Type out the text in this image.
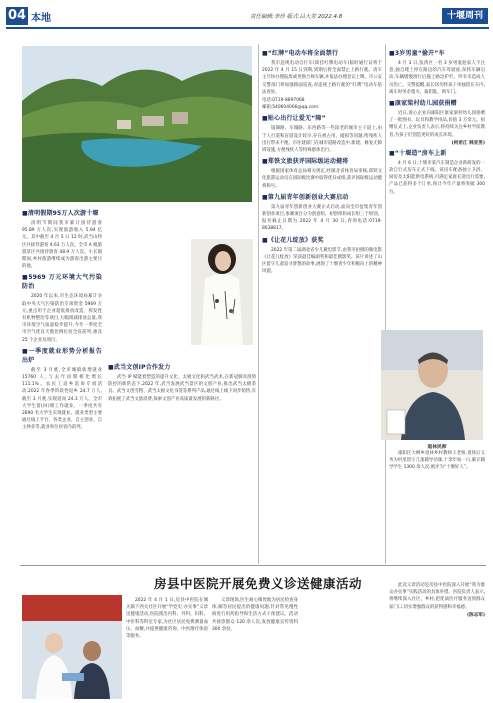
04 本地	责任编辑:李玲 版式:吕大芳 2022.4.8	十堰周刊
■清明假期95万人次游十堰

清明节期间我市累计接待游客 95.89 万人次,实现旅游收入 5.94 亿元。其中截至 4 月 5 日 12 时,武当山特区共接待游客 4.63 万人次。全市 A 级旅游景区共接待游客 48.9 万人次。小长假期间,乡村旅游继续成为游客出游主要目的地。

■5969 万元环境大气污染防治

2020 年以来,市生态环境局累计争取中央大气污染防治专项资金 5969 万元,重点用于企业超低排放改造、挥发性有机物整治等项目,大幅削减排放总量,我市环境空气质量稳步提升,今年一季度全市空气优良天数比例位居全省前列,惠及 25 个企业及项目。

■一季度就业形势分析报告出炉

截至 3 月底,全市城镇新增就业 15760 人,与去年同期相比增长 111.1%。农民工返乡返岗专项活动,2022 年春季阶段性返乡 24.7 万人,截至 3 月底,实现返岗 24.3 万人。全市大学生留(回)堰工作就业、一季度共有 2890 名大学生实现就业。就业类型主要通过线上平台、各类企业、自主创业、自主择业等,就业率位居省内前列。

■武当文创IP合作发力

武当 IP 赋能着塑造的提升文化、太极文化和武当武术,在新冠肺炎疫情防控的新常态下,2022 年,武当发展武当景区的文创产业,推出武当太极茶具、武当文创雪糕、武当太极文化书签等系列产品,通过线上线下同步销售,有效拓展了武当文旅消费,探索文创产业高质量发展的新路径。

■“红牌”电动车将全面禁行

我市违规电动自行车(即挂红牌电动车)临时通行证将于 2022 年 4 月 15 日到期,到期后将全面禁止上路行驶。请车主尽快办理报废或更换合规车辆,并依法办理登记上牌。市公安交警部门将加强路面巡查,对违规上路行驶的“红牌”电动车依法查处。

电话:0719-8897068
邮箱:540604066@qq.com
■贴心出行让爱无“障”

镜湖路、车城路、东西路等一些较老的城市主干道上,由于人行道和盲道设计较早,存在被占用、破损等问题,给残疾人出行带来不便。市住建部门在城市道路改造中,新建、修复无障碍设施,方便残疾人等特殊群体出行。

■郑铁文旅获评国际级运动健将

根据国家体育总局相关规定,经湖北省体育局审核,郑铁文化旅游运动员在国际级比赛中取得优异成绩,获评国际级运动健将称号。

■第九届青年创新创业大赛启动

第九届青年创新创业大赛正式启动,面向全市征集青年创新创业项目,参赛项目分为创意组、初创组和成长组三个组别。报名截止日期为 2022 年 4 月 30 日,咨询电话:0719-8638817。

■《让花儿绽放》获奖

2022 年第二届湖北省少儿微电影节,由我市拍摄的微电影《让花儿绽放》荣获最佳编剧奖和最佳摄影奖。该片讲述了山区留守儿童追寻梦想的故事,展现了十堰青少年积极向上的精神风貌。

■3岁男童“偷开”车

4 月 3 日,张湾区一名 3 岁男童趁家人不注意,独自爬上停在路边的汽车驾驶座,误将车辆启动,车辆缓慢滑行后撞上路边护栏。所幸未造成人员伤亡。交警提醒,家长切勿将孩子单独留在车内,离车时务必熄火、拔钥匙、锁车门。

■康家梁村幼儿园获捐赠

近日,爱心企业向郧阳区康家梁村幼儿园捐赠了一批图书、玩具和教学用品,价值 3 万余元。捐赠仪式上,企业负责人表示,将持续关注乡村学前教育,为孩子们创造更好的成长环境。

(柯希江 韩亚男)
■“十堰造”房车上新

4 月 6 日,十堰市某汽车制造企业新研发的一款自行式房车正式下线。该房车配备独立卫浴、厨房及太阳能供电系统,可满足家庭长途出行需要,产品已获得多个订单,预计今年产量将突破 300 台。

退休民师

郧阳区大柳乡退休乡村教师王老师,退休后义务为村里留守儿童辅导功课,十余年如一日,累计辅导学生 1300 余人次,被评为“十堰好人”。

房县中医院开展免费义诊送健康活动

2022 年 4 月 1 日,房县中医院在城关镇下西关社区开展“学党史 办实事”义诊送健康活动,医院派出内科、外科、妇科、中医科等科室专家,为社区居民免费测量血压、血糖,并提供健康咨询、中医理疗体验等服务。

义诊现场,医生耐心细致地为居民检查身体,解答居民提出的健康问题,针对常见慢性病进行用药指导和生活方式干预建议。活动共接诊群众 120 余人次,发放健康宣传资料 300 余份。

此次义诊活动是房县中医院深入开展“我为群众办实事”实践活动的具体举措。医院负责人表示,将继续深入社区、乡村,把优质医疗服务送到群众家门口,切实增强群众的获得感和幸福感。

(陈志军)
